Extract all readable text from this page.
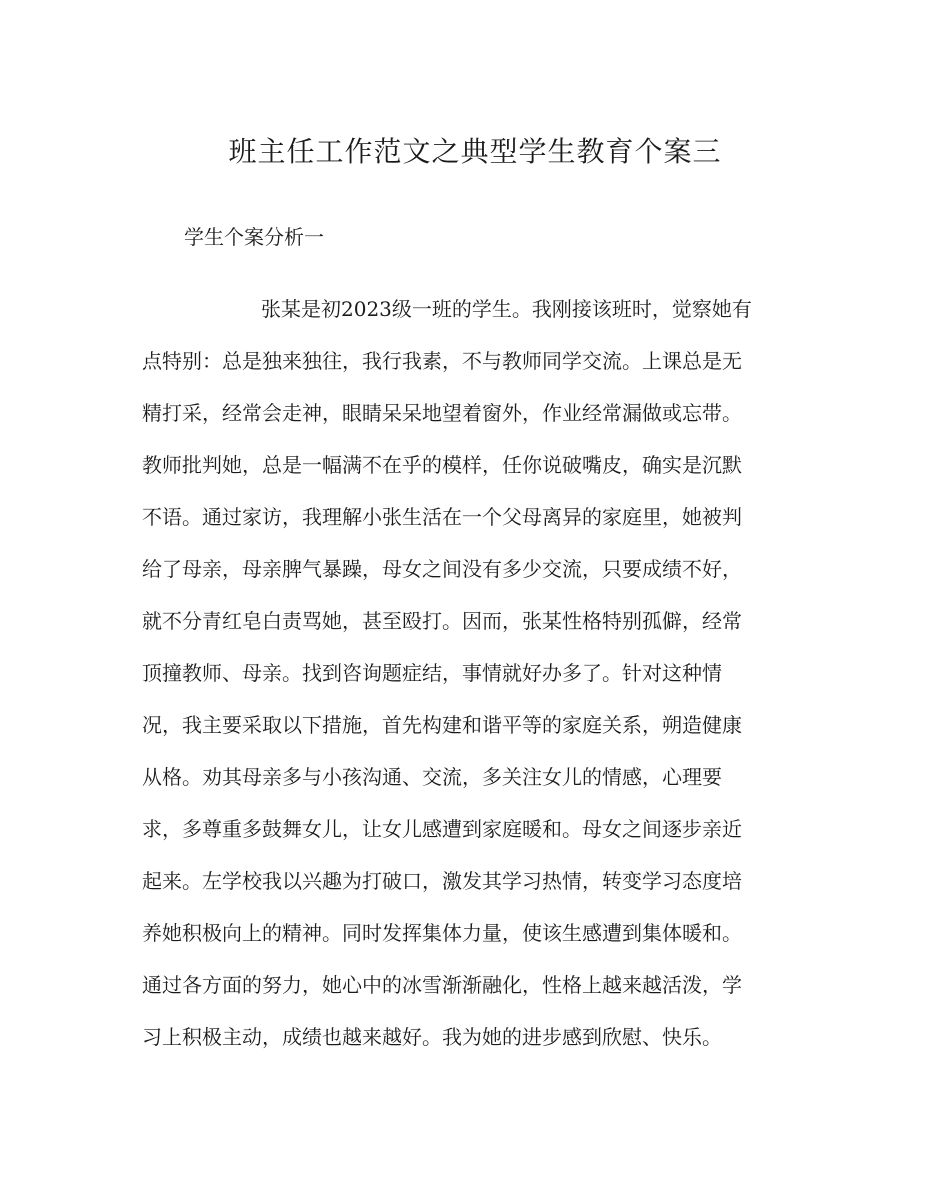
班主任工作范文之典型学生教育个案三

学生个案分析一

张某是初2023级一班的学生。我刚接该班时，觉察她有
点特别：总是独来独往，我行我素，不与教师同学交流。上课总是无
精打采，经常会走神，眼睛呆呆地望着窗外，作业经常漏做或忘带。
教师批判她，总是一幅满不在乎的模样，任你说破嘴皮，确实是沉默
不语。通过家访，我理解小张生活在一个父母离异的家庭里，她被判
给了母亲，母亲脾气暴躁，母女之间没有多少交流，只要成绩不好，
就不分青红皂白责骂她，甚至殴打。因而，张某性格特别孤僻，经常
顶撞教师、母亲。找到咨询题症结，事情就好办多了。针对这种情
况，我主要采取以下措施，首先构建和谐平等的家庭关系，朔造健康
从格。劝其母亲多与小孩沟通、交流，多关注女儿的情感，心理要
求，多尊重多鼓舞女儿，让女儿感遭到家庭暖和。母女之间逐步亲近
起来。左学校我以兴趣为打破口，激发其学习热情，转变学习态度培
养她积极向上的精神。同时发挥集体力量，使该生感遭到集体暖和。
通过各方面的努力，她心中的冰雪渐渐融化，性格上越来越活泼，学
习上积极主动，成绩也越来越好。我为她的进步感到欣慰、快乐。
